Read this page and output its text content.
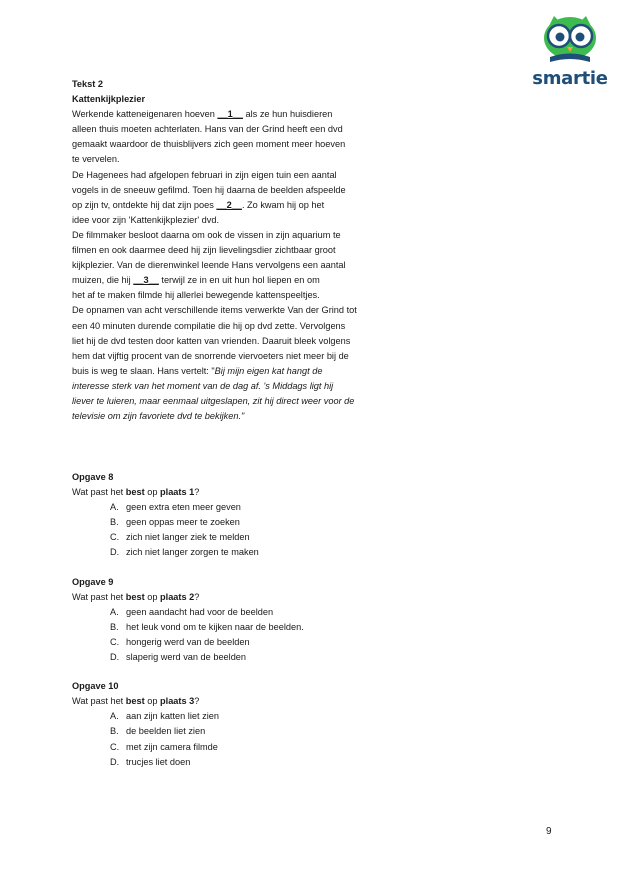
smartie

Tekst 2

Kattenkijkplezier

Werkende katteneigenaren hoeven __1__ als ze hun huisdieren

alleen thuis moeten achterlaten. Hans van der Grind heeft een dvd

gemaakt waardoor de thuisblijvers zich geen moment meer hoeven

te vervelen.

De Hagenees had afgelopen februari in zijn eigen tuin een aantal

vogels in de sneeuw gefilmd. Toen hij daarna de beelden afspeelde

op zijn tv, ontdekte hij dat zijn poes __2__. Zo kwam hij op het

idee voor zijn 'Kattenkijkplezier' dvd.

De filmmaker besloot daarna om ook de vissen in zijn aquarium te

filmen en ook daarmee deed hij zijn lievelingsdier zichtbaar groot

kijkplezier. Van de dierenwinkel leende Hans vervolgens een aantal

muizen, die hij __3__ terwijl ze in en uit hun hol liepen en om

het af te maken filmde hij allerlei bewegende kattenspeeltjes.

De opnamen van acht verschillende items verwerkte Van der Grind tot

een 40 minuten durende compilatie die hij op dvd zette. Vervolgens

liet hij de dvd testen door katten van vrienden. Daaruit bleek volgens

hem dat vijftig procent van de snorrende viervoeters niet meer bij de

buis is weg te slaan. Hans vertelt: "Bij mijn eigen kat hangt de

interesse sterk van het moment van de dag af. 's Middags ligt hij

liever te luieren, maar eenmaal uitgeslapen, zit hij direct weer voor de

televisie om zijn favoriete dvd te bekijken."

Opgave 8

Wat past het best op plaats 1?

A. geen extra eten meer geven
B. geen oppas meer te zoeken
C. zich niet langer ziek te melden
D. zich niet langer zorgen te maken

Opgave 9

Wat past het best op plaats 2?

A. geen aandacht had voor de beelden
B. het leuk vond om te kijken naar de beelden.
C. hongerig werd van de beelden
D. slaperig werd van de beelden

Opgave 10

Wat past het best op plaats 3?

A. aan zijn katten liet zien
B. de beelden liet zien
C. met zijn camera filmde
D. trucjes liet doen
9
